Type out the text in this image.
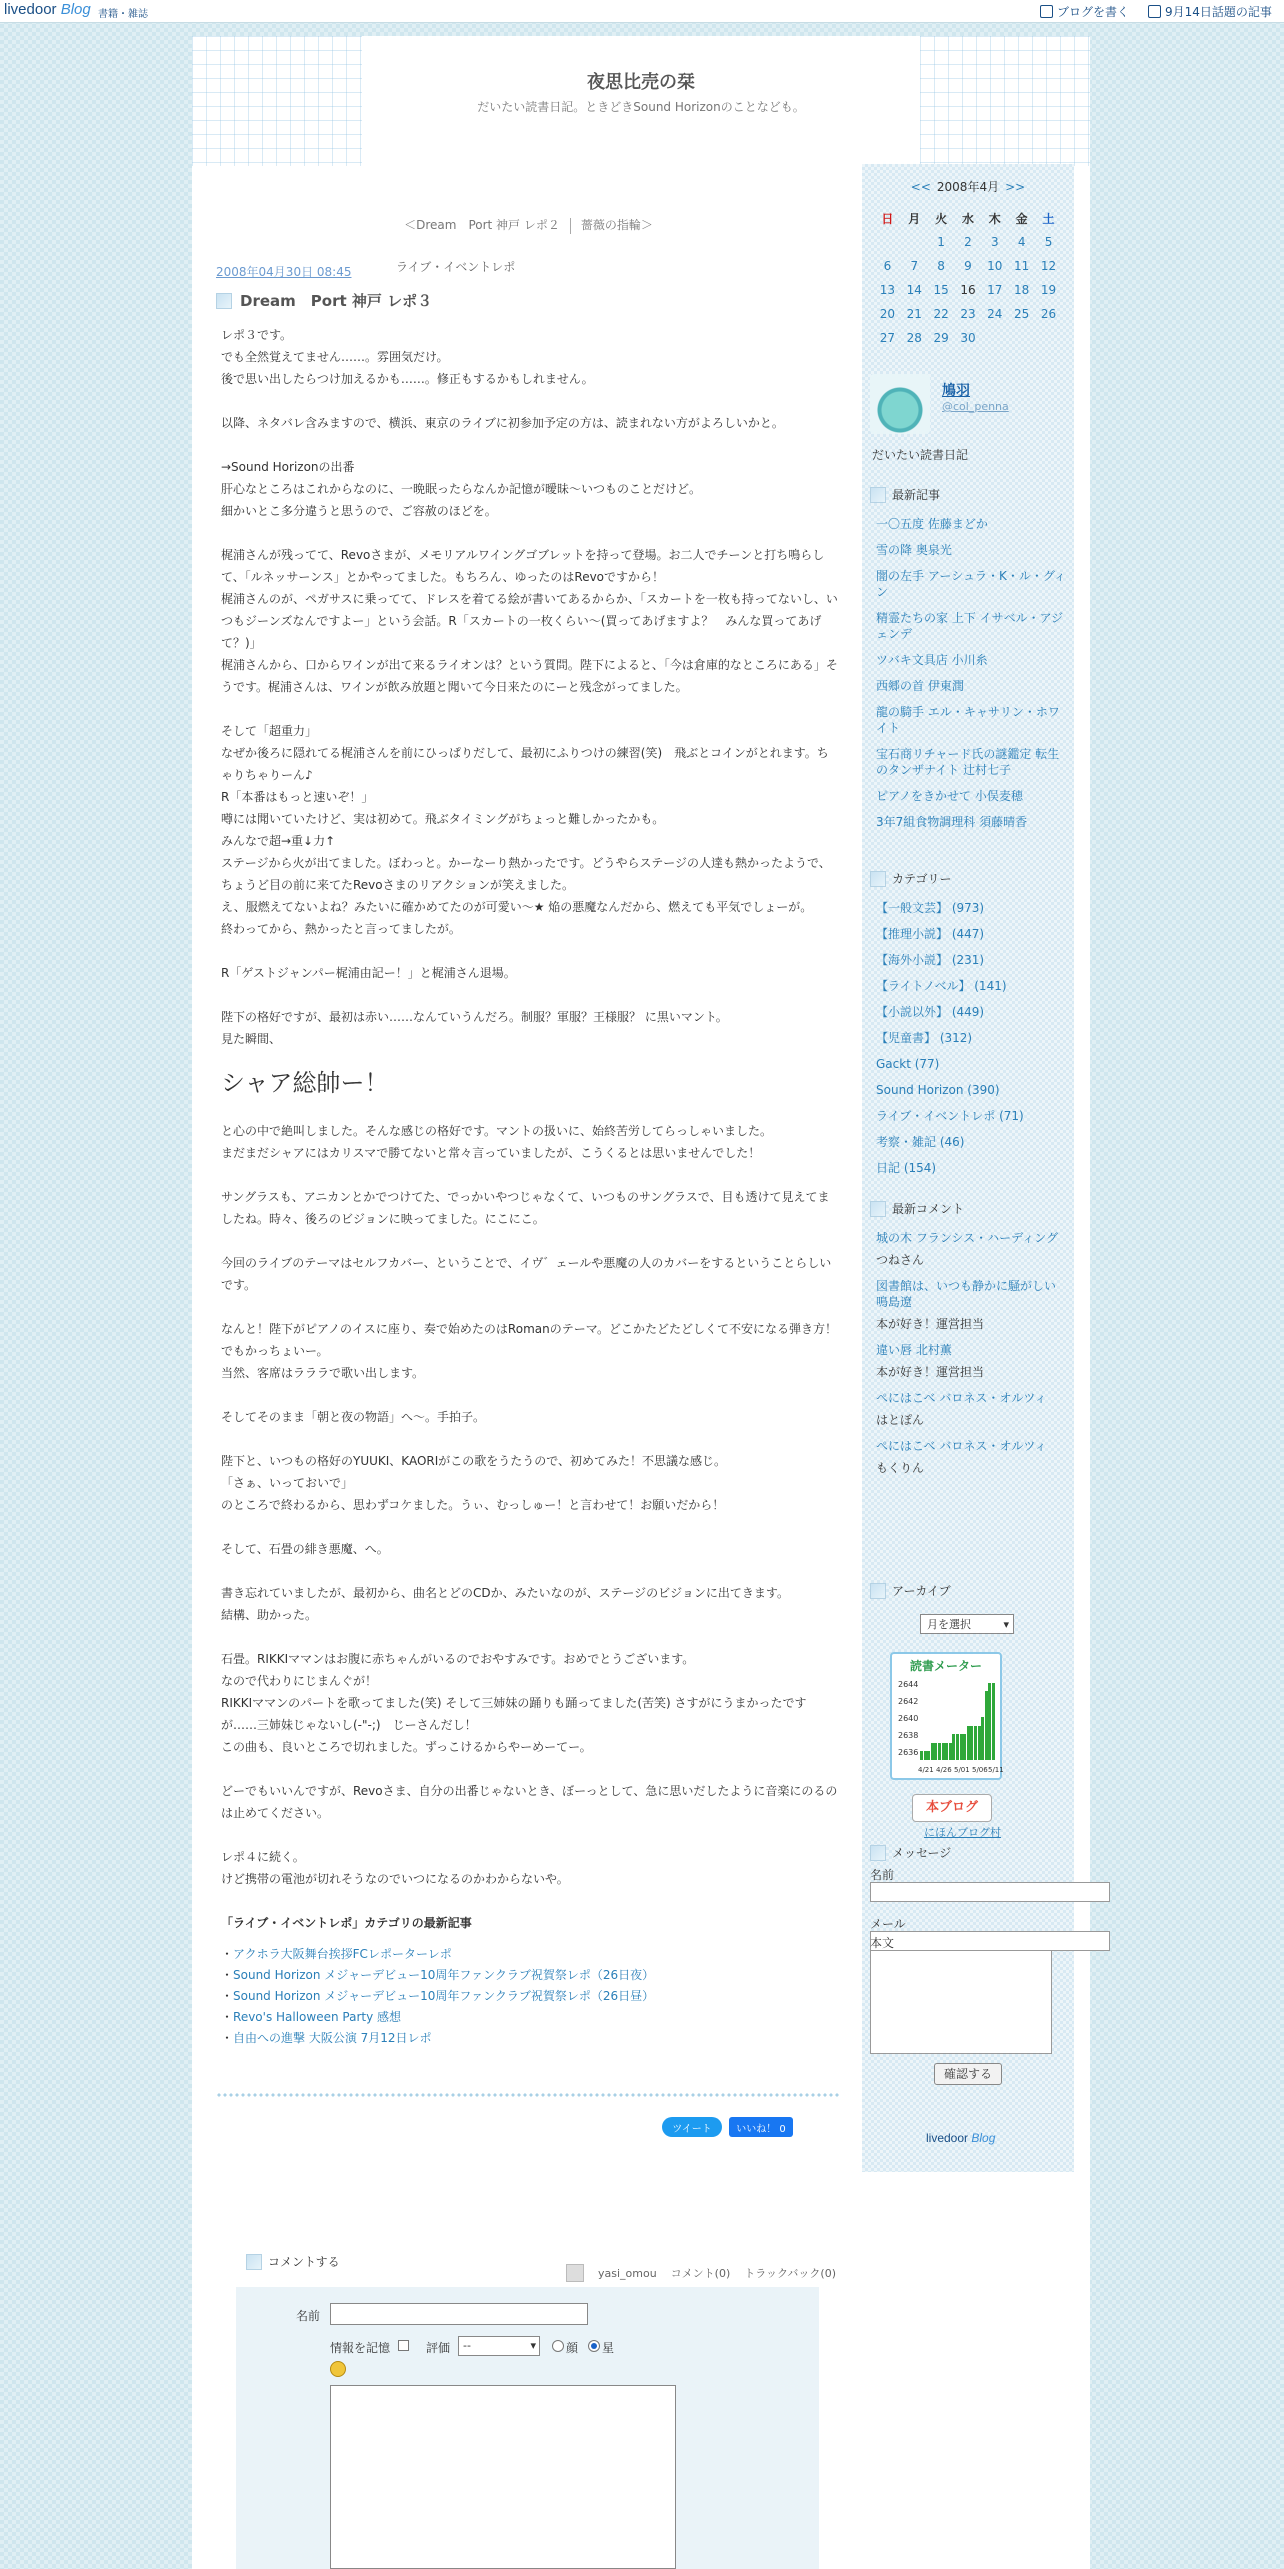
livedoor Blog 書籍・雑誌	ブログを書く	9月14日話題の記事
夜思比売の栞
だいたい読書日記。ときどきSound Horizonのことなども。
＜Dream　Port 神戸 レポ２ 薔薇の指輪＞
2008年04月30日 08:45	ライブ・イベントレポ
Dream　Port 神戸 レポ３

レポ３です。
でも全然覚えてません……。雰囲気だけ。
後で思い出したらつけ加えるかも……。修正もするかもしれません。

以降、ネタバレ含みますので、横浜、東京のライブに初参加予定の方は、読まれない方がよろしいかと。

→Sound Horizonの出番
肝心なところはこれからなのに、一晩眠ったらなんか記憶が曖昧〜いつものことだけど。
細かいとこ多分違うと思うので、ご容赦のほどを。

梶浦さんが残ってて、Revoさまが、メモリアルワイングゴブレットを持って登場。お二人でチーンと打ち鳴らして、「ルネッサーンス」とかやってました。もちろん、ゆったのはRevoですから！
梶浦さんのが、ペガサスに乗ってて、ドレスを着てる絵が書いてあるからか、「スカートを一枚も持ってないし、いつもジーンズなんですよー」という会話。R「スカートの一枚くらい〜(買ってあげますよ？　みんな買ってあげて？)」
梶浦さんから、口からワインが出て来るライオンは？という質問。陛下によると、「今は倉庫的なところにある」そうです。梶浦さんは、ワインが飲み放題と聞いて今日来たのにーと残念がってました。

そして「超重力」
なぜか後ろに隠れてる梶浦さんを前にひっぱりだして、最初にふりつけの練習(笑)　飛ぶとコインがとれます。ちゃりちゃりーん♪
R「本番はもっと速いぞ！」
噂には聞いていたけど、実は初めて。飛ぶタイミングがちょっと難しかったかも。
みんなで超→重↓力↑
ステージから火が出てました。ぼわっと。かーなーり熱かったです。どうやらステージの人達も熱かったようで、ちょうど目の前に来てたRevoさまのリアクションが笑えました。
え、服燃えてないよね？みたいに確かめてたのが可愛い〜★ 焔の悪魔なんだから、燃えても平気でしょーが。
終わってから、熱かったと言ってましたが。

R「ゲストジャンパー梶浦由記ー！」と梶浦さん退場。

陛下の格好ですが、最初は赤い……なんていうんだろ。制服？軍服？王様服？ に黒いマント。
見た瞬間、

シャア総帥ー！

と心の中で絶叫しました。そんな感じの格好です。マントの扱いに、始終苦労してらっしゃいました。
まだまだシャアにはカリスマで勝てないと常々言っていましたが、こうくるとは思いませんでした！

サングラスも、アニカンとかでつけてた、でっかいやつじゃなくて、いつものサングラスで、目も透けて見えてましたね。時々、後ろのビジョンに映ってました。にこにこ。

今回のライブのテーマはセルフカバー、ということで、イヴ゛ェールや悪魔の人のカバーをするということらしいです。

なんと！陛下がピアノのイスに座り、奏で始めたのはRomanのテーマ。どこかたどたどしくて不安になる弾き方！でもかっちょいー。
当然、客席はラララで歌い出します。

そしてそのまま「朝と夜の物語」へ〜。手拍子。

陛下と、いつもの格好のYUUKI、KAORIがこの歌をうたうので、初めてみた！不思議な感じ。
「さぁ、いっておいで」
のところで終わるから、思わずコケました。うぃ、むっしゅー！と言わせて！お願いだから！

そして、石畳の緋き悪魔、へ。

書き忘れていましたが、最初から、曲名とどのCDか、みたいなのが、ステージのビジョンに出てきます。
結構、助かった。

石畳。RIKKIママンはお腹に赤ちゃんがいるのでおやすみです。おめでとうございます。
なので代わりにじまんぐが！
RIKKIママンのパートを歌ってました(笑) そして三姉妹の踊りも踊ってました(苦笑) さすがにうまかったですが……三姉妹じゃないし(-"-;)　じーさんだし！
この曲も、良いところで切れました。ずっこけるからやーめーてー。

どーでもいいんですが、Revoさま、自分の出番じゃないとき、ぼーっとして、急に思いだしたように音楽にのるのは止めてください。

レポ４に続く。
けど携帯の電池が切れそうなのでいつになるのかわからないや。

「ライブ・イベントレポ」カテゴリの最新記事
・ アクホラ大阪舞台挨拶FCレポーターレポ
・ Sound Horizon メジャーデビュー10周年ファンクラブ祝賀祭レポ（26日夜）
・ Sound Horizon メジャーデビュー10周年ファンクラブ祝賀祭レポ（26日昼）
・ Revo's Halloween Party 感想
・ 自由への進撃 大阪公演 7月12日レポ
ツイート	いいね！ 0
yasi_omou コメント(0) トラックバック(0)
<< 2008年4月 >>
日	月	火	水	木	金	土
		1	2	3	4	5
6	7	8	9	10	11	12
13	14	15	16	17	18	19
20	21	22	23	24	25	26
27	28	29	30			
鳩羽
@col_penna
だいたい読書日記
最新記事
一〇五度 佐藤まどか
雪の降 奥泉光
闇の左手 アーシュラ・K・ル・グィン
精霊たちの家 上下 イサベル・アジェンデ
ツバキ文具店 小川糸
西郷の首 伊東潤
龍の騎手 エル・キャサリン・ホワイト
宝石商リチャード氏の謎鑑定 転生のタンザナイト 辻村七子
ピアノをきかせて 小俣麦穂
3年7組食物調理科 須藤晴香
カテゴリー
【一般文芸】 (973)
【推理小説】 (447)
【海外小説】 (231)
【ライトノベル】 (141)
【小説以外】 (449)
【児童書】 (312)
Gackt (77)
Sound Horizon (390)
ライブ・イベントレポ (71)
考察・雑記 (46)
日記 (154)
最新コメント
城の木 フランシス・ハーディング
つねさん
図書館は、いつも静かに騒がしい 鳴島遼
本が好き！運営担当
違い唇 北村薫
本が好き！運営担当
ぺにはこべ バロネス・オルツィ
はとぽん
ぺにはこべ バロネス・オルツィ
もくりん
アーカイブ
月を選択 ▾
読書メーター
2644
2642
2640
2638
2636
4/21 4/26 5/01 5/06 5/11
本ブログ
にほんブログ村
メッセージ
名前
メール
本文
確認する
livedoor Blog
コメントする
名前
情報を記憶	評価	-- ▾	顔 星
